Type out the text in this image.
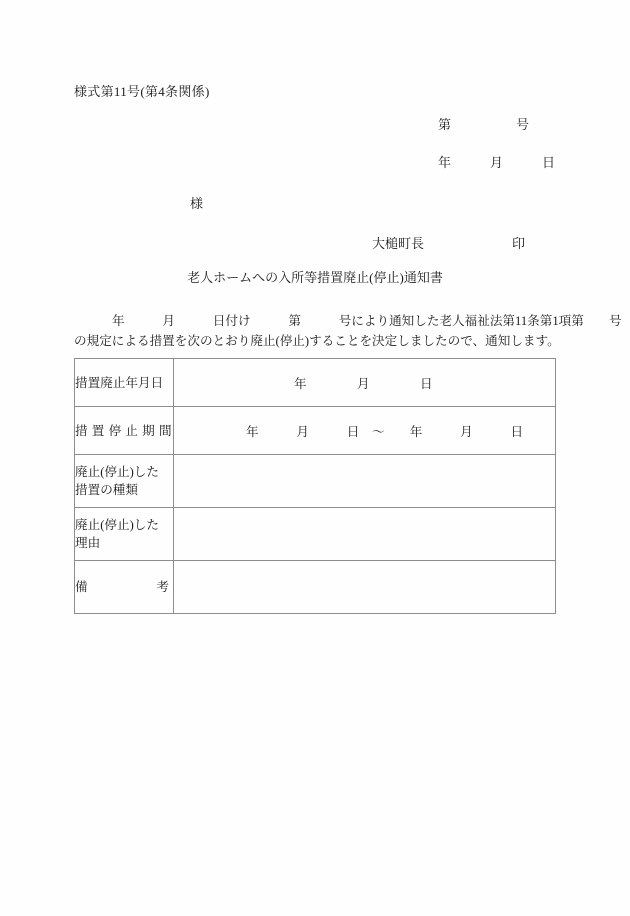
様式第11号(第4条関係)
第　　　　　号
年　　　月　　　日
様
大槌町長	印
老人ホームへの入所等措置廃止(停止)通知書
年　　　月　　　日付け　　　第　　　号により通知した老人福祉法第11条第1項第　　号
の規定による措置を次のとおり廃止(停止)することを決定しましたので、通知します。
措置廃止年月日	年　　　　月　　　　日

措置停止期間	年　　　月　　　日　～　　年　　　月　　　日

廃止(停止)した
措置の種類	

廃止(停止)した
理由	

備 考	
